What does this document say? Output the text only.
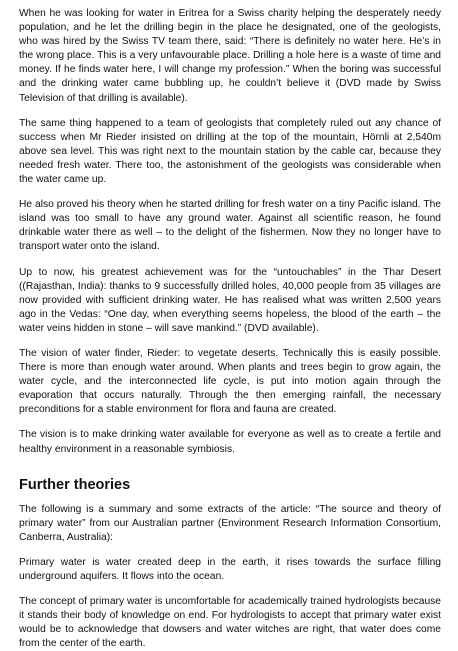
When he was looking for water in Eritrea for a Swiss charity helping the desperately needy population, and he let the drilling begin in the place he designated, one of the geologists, who was hired by the Swiss TV team there, said: “There is definitely no water here. He’s in the wrong place. This is a very unfavourable place. Drilling a hole here is a waste of time and money. If he finds water here, I will change my profession.” When the boring was successful and the drinking water came bubbling up, he couldn’t believe it (DVD made by Swiss Television of that drilling is available).

The same thing happened to a team of geologists that completely ruled out any chance of success when Mr Rieder insisted on drilling at the top of the mountain, Hörnli at 2,540m above sea level. This was right next to the mountain station by the cable car, because they needed fresh water. There too, the astonishment of the geologists was considerable when the water came up.

He also proved his theory when he started drilling for fresh water on a tiny Pacific island. The island was too small to have any ground water. Against all scientific reason, he found drinkable water there as well – to the delight of the fishermen. Now they no longer have to transport water onto the island.

Up to now, his greatest achievement was for the “untouchables” in the Thar Desert ((Rajasthan, India): thanks to 9 successfully drilled holes, 40,000 people from 35 villages are now provided with sufficient drinking water. He has realised what was written 2,500 years ago in the Vedas: “One day, when everything seems hopeless, the blood of the earth – the water veins hidden in stone – will save mankind.” (DVD available).

The vision of water finder, Rieder: to vegetate deserts. Technically this is easily possible. There is more than enough water around. When plants and trees begin to grow again, the water cycle, and the interconnected life cycle, is put into motion again through the evaporation that occurs naturally. Through the then emerging rainfall, the necessary preconditions for a stable environment for flora and fauna are created.

The vision is to make drinking water available for everyone as well as to create a fertile and healthy environment in a reasonable symbiosis.

Further theories

The following is a summary and some extracts of the article: “The source and theory of primary water” from our Australian partner (Environment Research Information Consortium, Canberra, Australia):

Primary water is water created deep in the earth, it rises towards the surface filling underground aquifers. It flows into the ocean.

The concept of primary water is uncomfortable for academically trained hydrologists because it stands their body of knowledge on end. For hydrologists to accept that primary water exist would be to acknowledge that dowsers and water witches are right, that water does come from the center of the earth.
